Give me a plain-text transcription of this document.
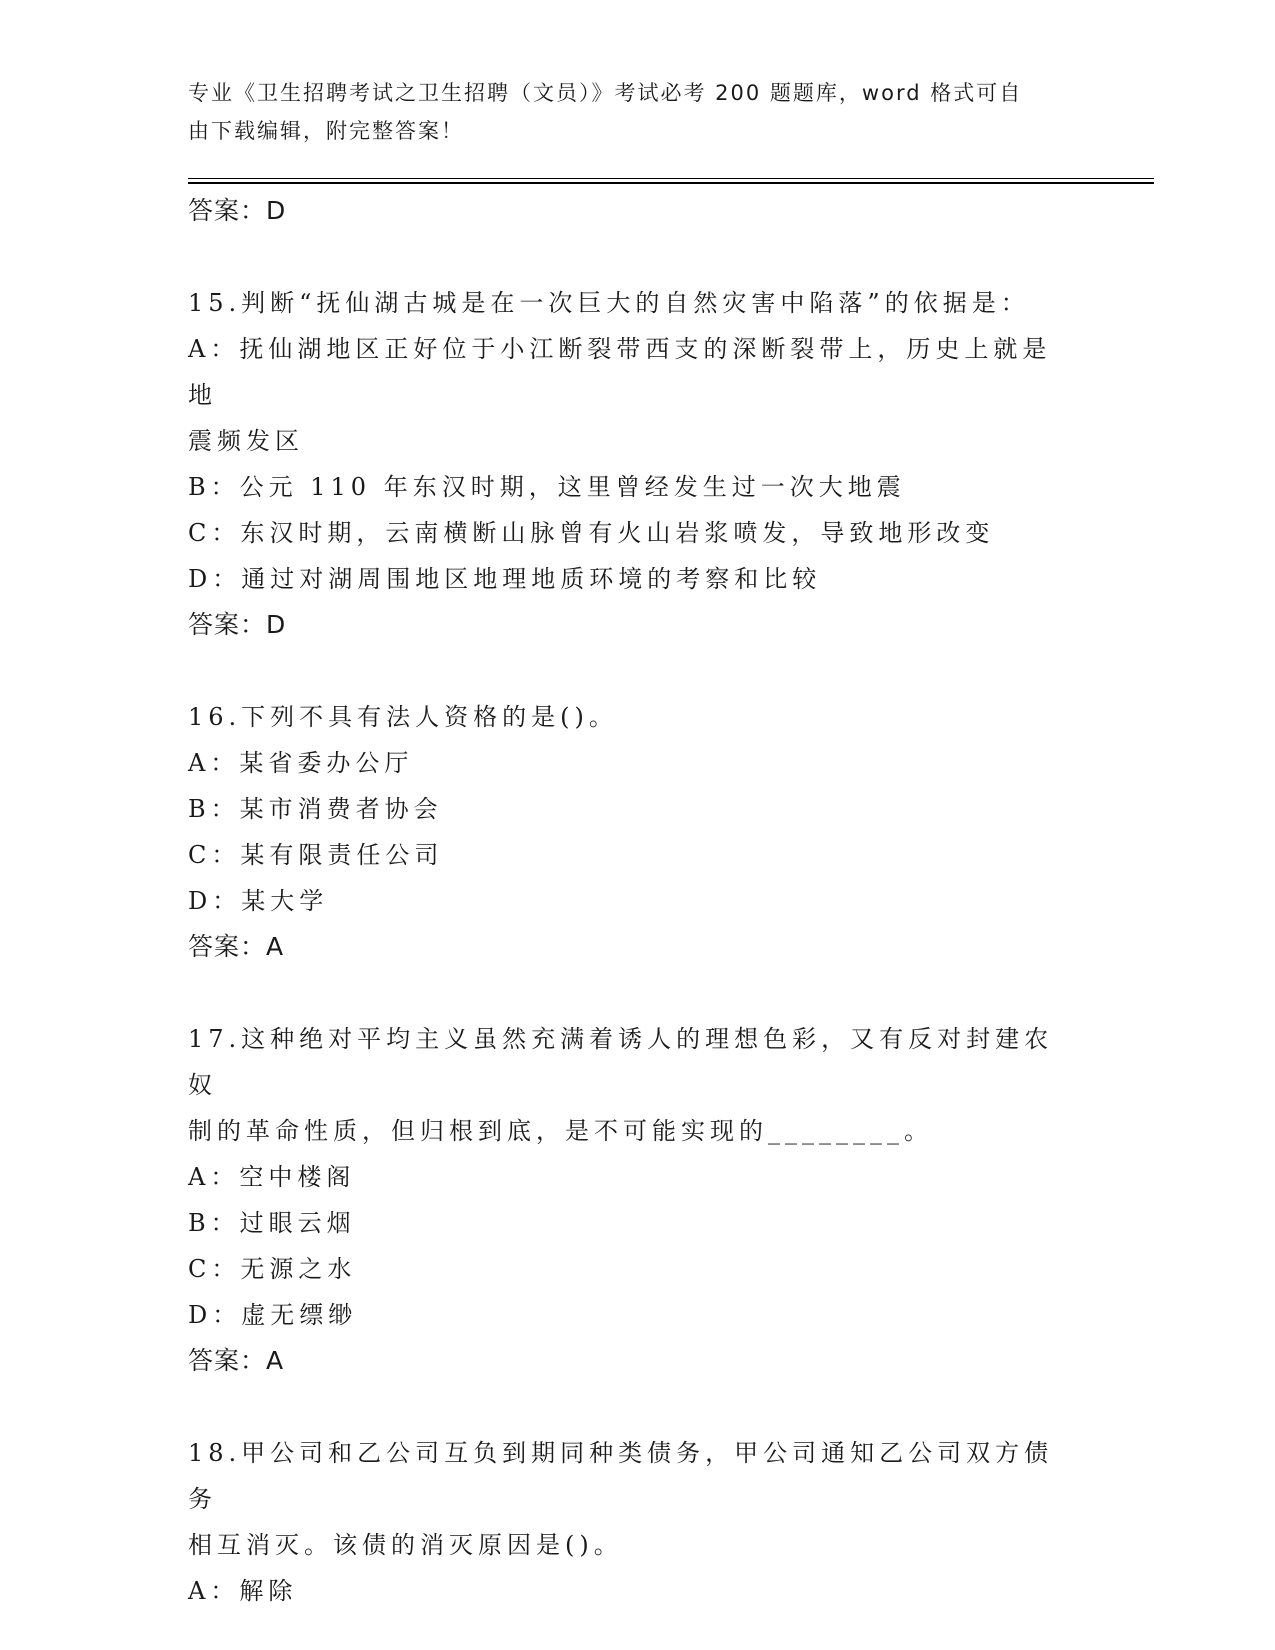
专业《卫生招聘考试之卫生招聘（文员）》考试必考 200 题题库，word 格式可自
由下载编辑，附完整答案！
答案：D
15.判断“抚仙湖古城是在一次巨大的自然灾害中陷落”的依据是：
A：抚仙湖地区正好位于小江断裂带西支的深断裂带上，历史上就是地
震频发区
B：公元 110 年东汉时期，这里曾经发生过一次大地震
C：东汉时期，云南横断山脉曾有火山岩浆喷发，导致地形改变
D：通过对湖周围地区地理地质环境的考察和比较
答案：D
16.下列不具有法人资格的是()。
A：某省委办公厅
B：某市消费者协会
C：某有限责任公司
D：某大学
答案：A
17.这种绝对平均主义虽然充满着诱人的理想色彩，又有反对封建农奴
制的革命性质，但归根到底，是不可能实现的________。
A：空中楼阁
B：过眼云烟
C：无源之水
D：虚无缥缈
答案：A
18.甲公司和乙公司互负到期同种类债务，甲公司通知乙公司双方债务
相互消灭。该债的消灭原因是()。
A：解除
